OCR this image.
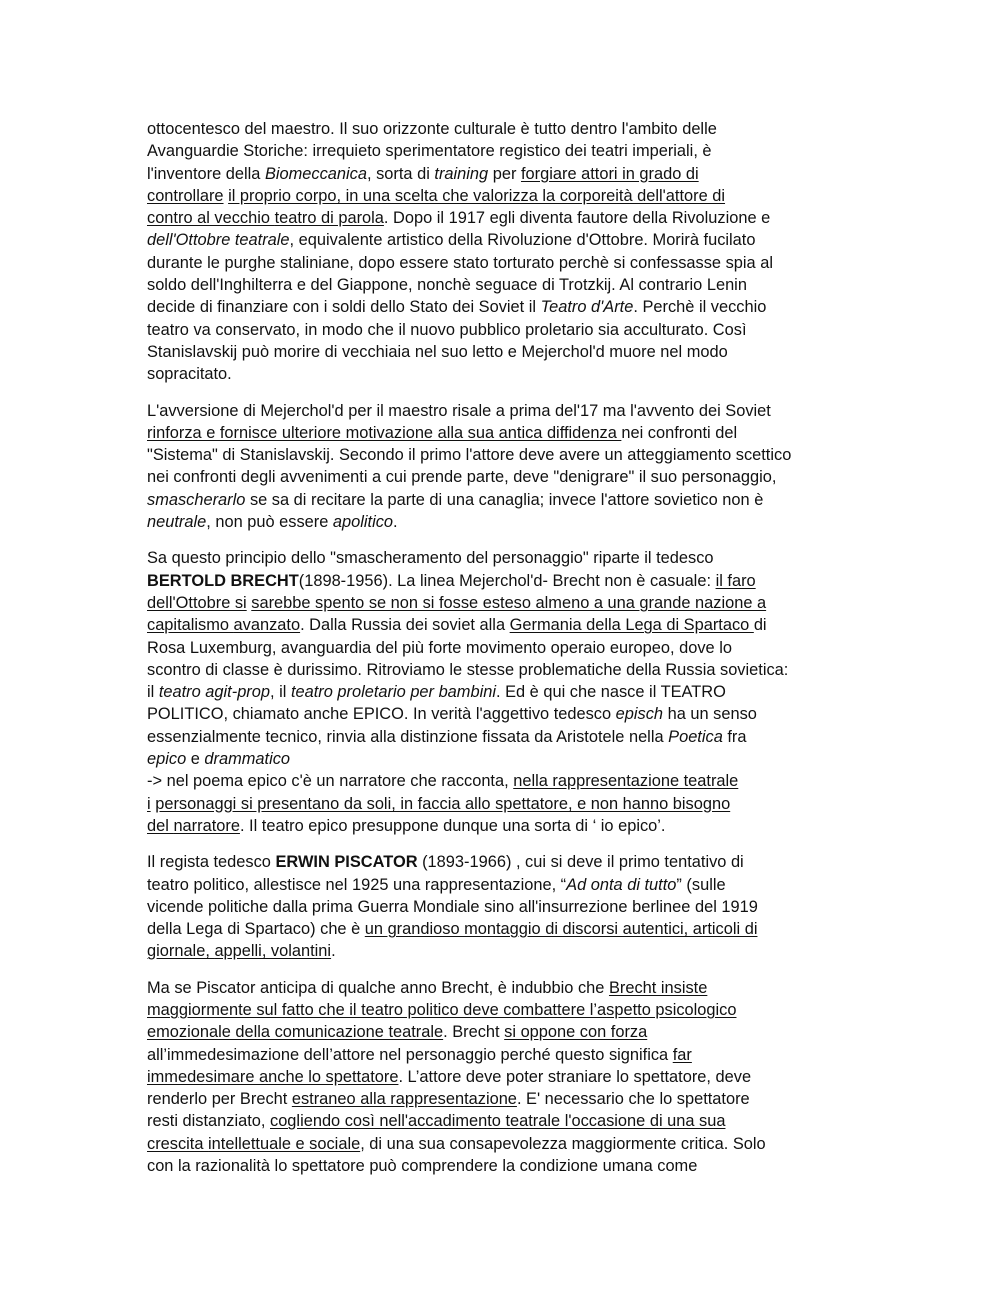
ottocentesco del maestro. Il suo orizzonte culturale è tutto dentro l'ambito delle
Avanguardie Storiche: irrequieto sperimentatore registico dei teatri imperiali, è
l'inventore della Biomeccanica, sorta di training per forgiare attori in grado di
controllare il proprio corpo, in una scelta che valorizza la corporeità dell'attore di
contro al vecchio teatro di parola. Dopo il 1917 egli diventa fautore della Rivoluzione e
dell'Ottobre teatrale, equivalente artistico della Rivoluzione d'Ottobre. Morirà fucilato
durante le purghe staliniane, dopo essere stato torturato perchè si confessasse spia al
soldo dell'Inghilterra e del Giappone, nonchè seguace di Trotzkij. Al contrario Lenin
decide di finanziare con i soldi dello Stato dei Soviet il Teatro d'Arte. Perchè il vecchio
teatro va conservato, in modo che il nuovo pubblico proletario sia acculturato. Così
Stanislavskij può morire di vecchiaia nel suo letto e Mejerchol'd muore nel modo
sopracitato.

L'avversione di Mejerchol'd per il maestro risale a prima del'17 ma l'avvento dei Soviet
rinforza e fornisce ulteriore motivazione alla sua antica diffidenza nei confronti del
"Sistema" di Stanislavskij. Secondo il primo l'attore deve avere un atteggiamento scettico
nei confronti degli avvenimenti a cui prende parte, deve "denigrare" il suo personaggio,
smascherarlo se sa di recitare la parte di una canaglia; invece l'attore sovietico non è
neutrale, non può essere apolitico.

Sa questo principio dello "smascheramento del personaggio" riparte il tedesco
BERTOLD BRECHT(1898-1956). La linea Mejerchol'd- Brecht non è casuale: il faro
dell'Ottobre si sarebbe spento se non si fosse esteso almeno a una grande nazione a
capitalismo avanzato. Dalla Russia dei soviet alla Germania della Lega di Spartaco di
Rosa Luxemburg, avanguardia del più forte movimento operaio europeo, dove lo
scontro di classe è durissimo. Ritroviamo le stesse problematiche della Russia sovietica:
il teatro agit-prop, il teatro proletario per bambini. Ed è qui che nasce il TEATRO
POLITICO, chiamato anche EPICO. In verità l'aggettivo tedesco episch ha un senso
essenzialmente tecnico, rinvia alla distinzione fissata da Aristotele nella Poetica fra
epico e drammatico
-> nel poema epico c'è un narratore che racconta, nella rappresentazione teatrale
i personaggi si presentano da soli, in faccia allo spettatore, e non hanno bisogno
del narratore. Il teatro epico presuppone dunque una sorta di ‘ io epico’.

Il regista tedesco ERWIN PISCATOR (1893-1966) , cui si deve il primo tentativo di
teatro politico, allestisce nel 1925 una rappresentazione, “Ad onta di tutto” (sulle
vicende politiche dalla prima Guerra Mondiale sino all'insurrezione berlinee del 1919
della Lega di Spartaco) che è un grandioso montaggio di discorsi autentici, articoli di
giornale, appelli, volantini.

Ma se Piscator anticipa di qualche anno Brecht, è indubbio che Brecht insiste
maggiormente sul fatto che il teatro politico deve combattere l’aspetto psicologico
emozionale della comunicazione teatrale. Brecht si oppone con forza
all’immedesimazione dell’attore nel personaggio perché questo significa far
immedesimare anche lo spettatore. L’attore deve poter straniare lo spettatore, deve
renderlo per Brecht estraneo alla rappresentazione. E' necessario che lo spettatore
resti distanziato, cogliendo così nell'accadimento teatrale l'occasione di una sua
crescita intellettuale e sociale, di una sua consapevolezza maggiormente critica. Solo
con la razionalità lo spettatore può comprendere la condizione umana come
